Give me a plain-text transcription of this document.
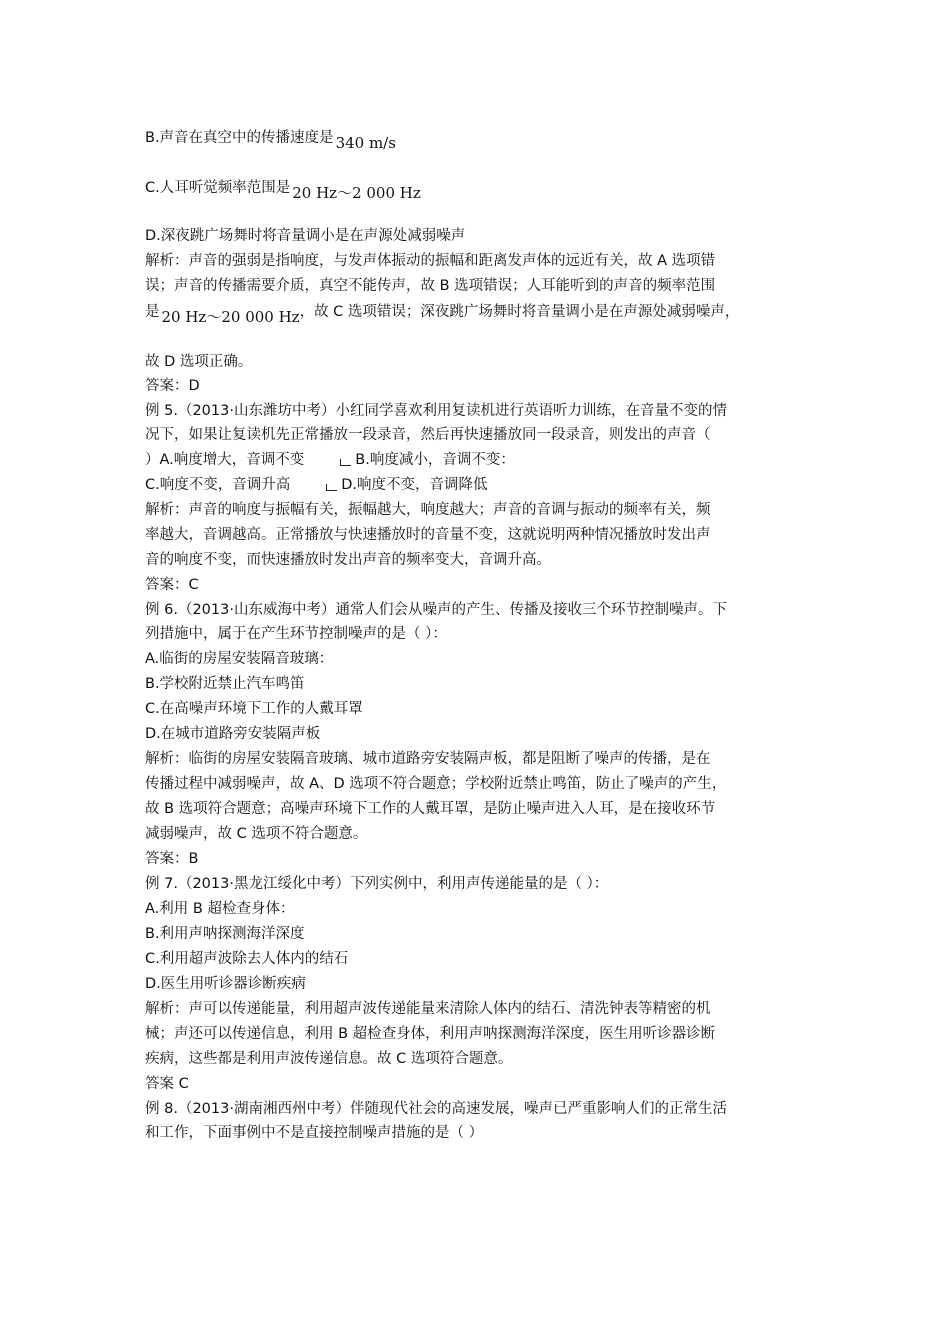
B.声音在真空中的传播速度是 340 m/s
C.人耳听觉频率范围是 20 Hz～2 000 Hz
D.深夜跳广场舞时将音量调小是在声源处减弱噪声
解析：声音的强弱是指响度，与发声体振动的振幅和距离发声体的远近有关，故 A 选项错
误；声音的传播需要介质，真空不能传声，故 B 选项错误；人耳能听到的声音的频率范围
是 20 Hz～20 000 Hz，故 C 选项错误；深夜跳广场舞时将音量调小是在声源处减弱噪声，
故 D 选项正确。
答案：D
例 5.（2013·山东潍坊中考）小红同学喜欢利用复读机进行英语听力训练，在音量不变的情
况下，如果让复读机先正常播放一段录音，然后再快速播放同一段录音，则发出的声音（
）A.响度增大，音调不变	B.响度减小，音调不变：
C.响度不变，音调升高	D.响度不变，音调降低
解析：声音的响度与振幅有关，振幅越大，响度越大；声音的音调与振动的频率有关，频
率越大，音调越高。正常播放与快速播放时的音量不变，这就说明两种情况播放时发出声
音的响度不变，而快速播放时发出声音的频率变大，音调升高。
答案：C
例 6.（2013·山东威海中考）通常人们会从噪声的产生、传播及接收三个环节控制噪声。下
列措施中，属于在产生环节控制噪声的是（ ）：
A.临街的房屋安装隔音玻璃：
B.学校附近禁止汽车鸣笛
C.在高噪声环境下工作的人戴耳罩
D.在城市道路旁安装隔声板
解析：临街的房屋安装隔音玻璃、城市道路旁安装隔声板，都是阻断了噪声的传播，是在
传播过程中减弱噪声，故 A、D 选项不符合题意；学校附近禁止鸣笛，防止了噪声的产生，
故 B 选项符合题意；高噪声环境下工作的人戴耳罩，是防止噪声进入人耳，是在接收环节
减弱噪声，故 C 选项不符合题意。
答案：B
例 7.（2013·黑龙江绥化中考）下列实例中，利用声传递能量的是（ ）：
A.利用 B 超检查身体：
B.利用声呐探测海洋深度
C.利用超声波除去人体内的结石
D.医生用听诊器诊断疾病
解析：声可以传递能量，利用超声波传递能量来清除人体内的结石、清洗钟表等精密的机
械；声还可以传递信息，利用 B 超检查身体，利用声呐探测海洋深度，医生用听诊器诊断
疾病，这些都是利用声波传递信息。故 C 选项符合题意。
答案 C
例 8.（2013·湖南湘西州中考）伴随现代社会的高速发展，噪声已严重影响人们的正常生活
和工作，下面事例中不是直接控制噪声措施的是（ ）
